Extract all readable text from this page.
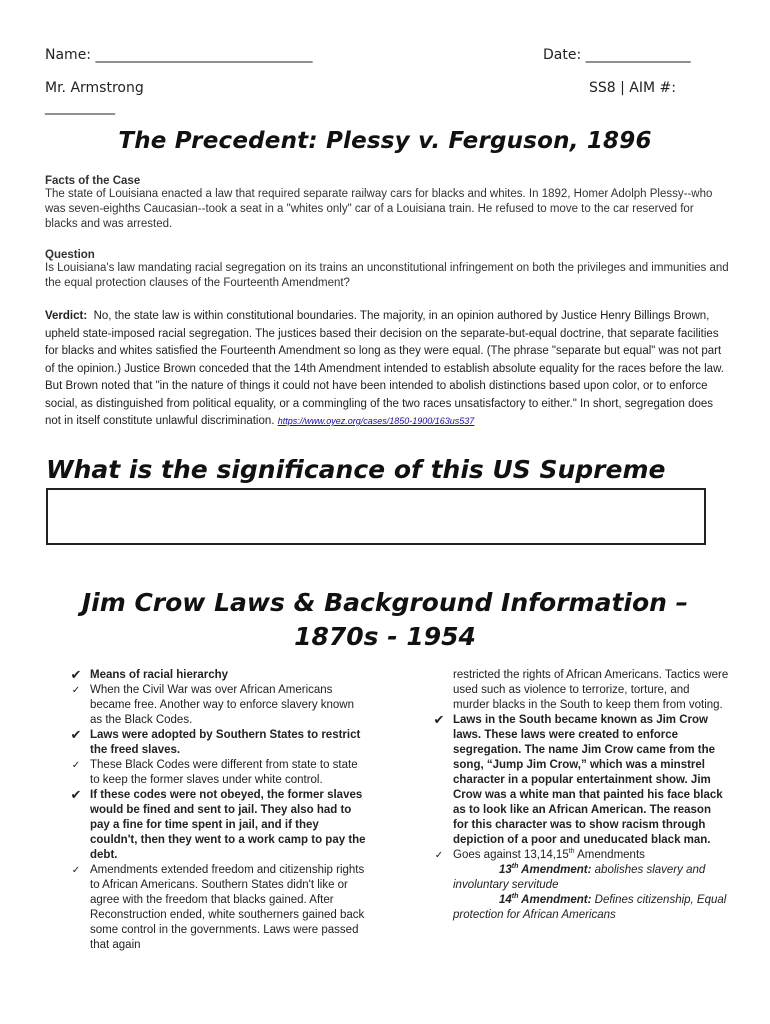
Name: _______________________________	Date: _______________
Mr. Armstrong	SS8 | AIM #:
__________
The Precedent: Plessy v. Ferguson, 1896
Facts of the Case
The state of Louisiana enacted a law that required separate railway cars for blacks and whites. In 1892, Homer Adolph Plessy--who was seven-eighths Caucasian--took a seat in a "whites only" car of a Louisiana train. He refused to move to the car reserved for blacks and was arrested.
Question
Is Louisiana's law mandating racial segregation on its trains an unconstitutional infringement on both the privileges and immunities and the equal protection clauses of the Fourteenth Amendment?
Verdict: No, the state law is within constitutional boundaries. The majority, in an opinion authored by Justice Henry Billings Brown, upheld state-imposed racial segregation. The justices based their decision on the separate-but-equal doctrine, that separate facilities for blacks and whites satisfied the Fourteenth Amendment so long as they were equal. (The phrase "separate but equal" was not part of the opinion.) Justice Brown conceded that the 14th Amendment intended to establish absolute equality for the races before the law. But Brown noted that "in the nature of things it could not have been intended to abolish distinctions based upon color, or to enforce social, as distinguished from political equality, or a commingling of the two races unsatisfactory to either." In short, segregation does not in itself constitute unlawful discrimination. https://www.oyez.org/cases/1850-1900/163us537
What is the significance of this US Supreme
Jim Crow Laws & Background Information –
1870s - 1954
✔ Means of racial hierarchy
✓ When the Civil War was over African Americans became free. Another way to enforce slavery known as the Black Codes.
✔ Laws were adopted by Southern States to restrict the freed slaves.
✓ These Black Codes were different from state to state to keep the former slaves under white control.
✔ If these codes were not obeyed, the former slaves would be fined and sent to jail. They also had to pay a fine for time spent in jail, and if they couldn't, then they went to a work camp to pay the debt.
✓ Amendments extended freedom and citizenship rights to African Americans. Southern States didn't like or agree with the freedom that blacks gained. After Reconstruction ended, white southerners gained back some control in the governments. Laws were passed that again
restricted the rights of African Americans. Tactics were used such as violence to terrorize, torture, and murder blacks in the South to keep them from voting.
✔ Laws in the South became known as Jim Crow laws. These laws were created to enforce segregation. The name Jim Crow came from the song, “Jump Jim Crow,” which was a minstrel character in a popular entertainment show. Jim Crow was a white man that painted his face black as to look like an African American. The reason for this character was to show racism through depiction of a poor and uneducated black man.
✓ Goes against 13,14,15th Amendments
13th Amendment: abolishes slavery and involuntary servitude
14th Amendment: Defines citizenship, Equal protection for African Americans
